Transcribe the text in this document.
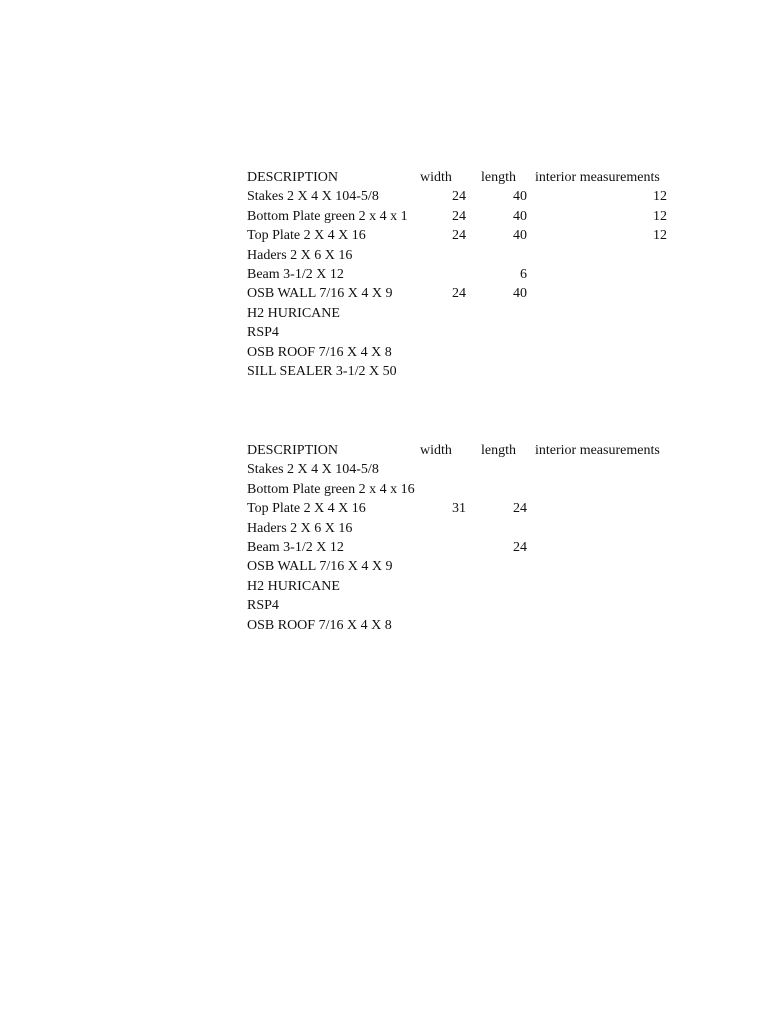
DESCRIPTION	width	length	interior measurements
Stakes 2 X 4 X 104-5/8	24	40	12
Bottom Plate green 2 x 4 x 1	24	40	12
Top Plate 2 X 4 X 16	24	40	12
Haders 2 X 6 X 16			
Beam 3-1/2 X 12		6	
OSB WALL 7/16 X 4 X 9	24	40	
H2 HURICANE			
RSP4			
OSB ROOF 7/16 X 4 X 8			
SILL SEALER 3-1/2 X 50			
DESCRIPTION	width	length	interior measurements
Stakes 2 X 4 X 104-5/8			
Bottom Plate green 2 x 4 x 16			
Top Plate 2 X 4 X 16	31	24	
Haders 2 X 6 X 16			
Beam 3-1/2 X 12		24	
OSB WALL 7/16 X 4 X 9			
H2 HURICANE			
RSP4			
OSB ROOF 7/16 X 4 X 8			
